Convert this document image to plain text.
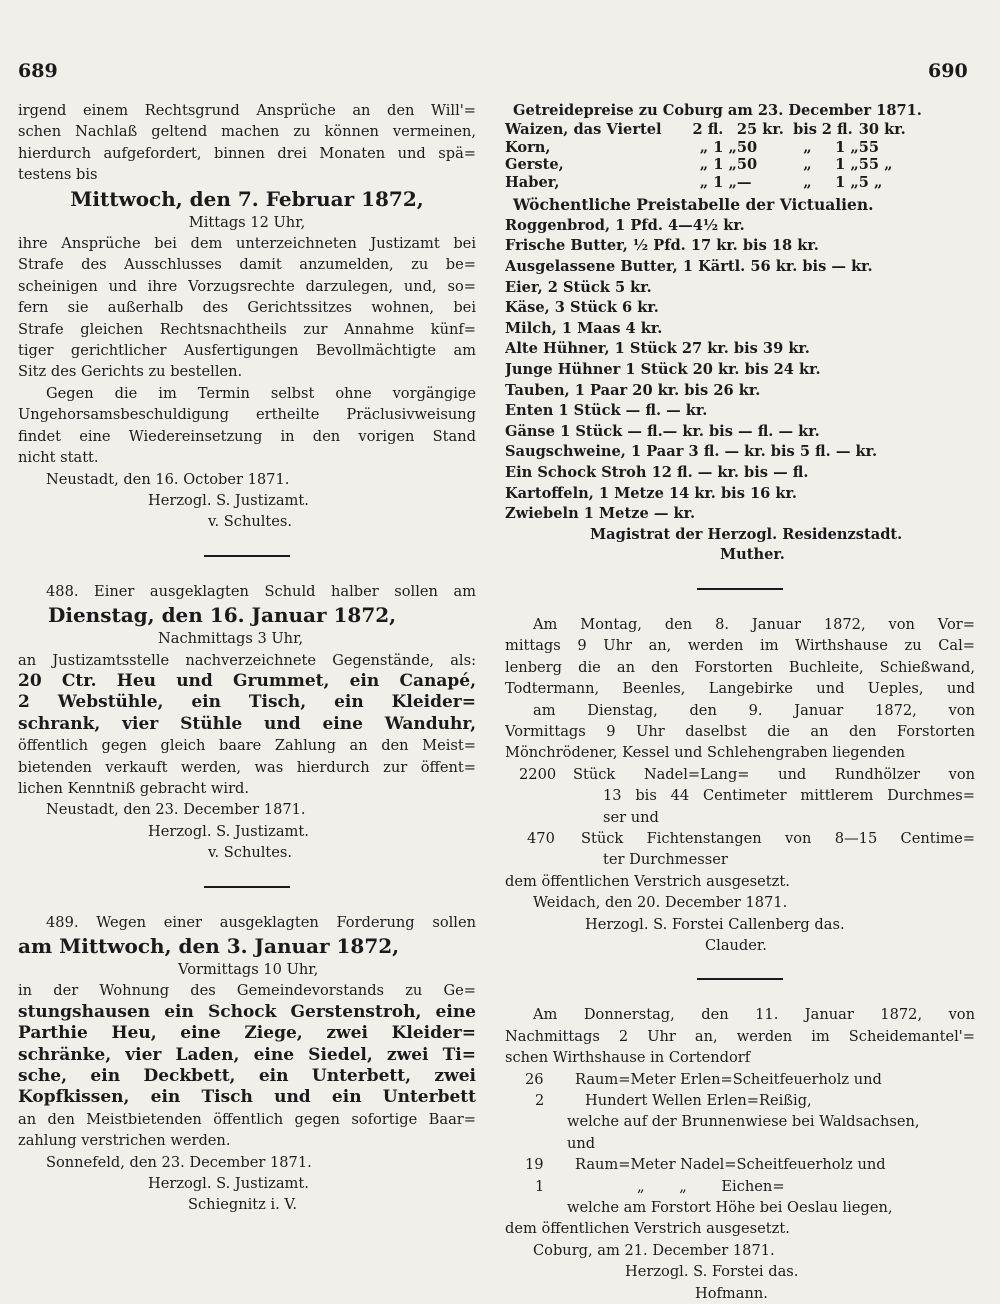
689	690
irgend einem Rechtsgrund Ansprüche an den Will'=
schen Nachlaß geltend machen zu können vermeinen,
hierdurch aufgefordert, binnen drei Monaten und spä=
testens bis
Mittwoch, den 7. Februar 1872,
Mittags 12 Uhr,
ihre Ansprüche bei dem unterzeichneten Justizamt bei
Strafe des Ausschlusses damit anzumelden, zu be=
scheinigen und ihre Vorzugsrechte darzulegen, und, so=
fern sie außerhalb des Gerichtssitzes wohnen, bei
Strafe gleichen Rechtsnachtheils zur Annahme künf=
tiger gerichtlicher Ausfertigungen Bevollmächtigte am
Sitz des Gerichts zu bestellen.
Gegen die im Termin selbst ohne vorgängige
Ungehorsamsbeschuldigung ertheilte Präclusivweisung
findet eine Wiedereinsetzung in den vorigen Stand
nicht statt.
Neustadt, den 16. October 1871.
Herzogl. S. Justizamt.
v. Schultes.
488. Einer ausgeklagten Schuld halber sollen am
Dienstag, den 16. Januar 1872,
Nachmittags 3 Uhr,
an Justizamtsstelle nachverzeichnete Gegenstände, als:
20 Ctr. Heu und Grummet, ein Canapé,
2 Webstühle, ein Tisch, ein Kleider=
schrank, vier Stühle und eine Wanduhr,
öffentlich gegen gleich baare Zahlung an den Meist=
bietenden verkauft werden, was hierdurch zur öffent=
lichen Kenntniß gebracht wird.
Neustadt, den 23. December 1871.
Herzogl. S. Justizamt.
v. Schultes.
489. Wegen einer ausgeklagten Forderung sollen
am Mittwoch, den 3. Januar 1872,
Vormittags 10 Uhr,
in der Wohnung des Gemeindevorstands zu Ge=
stungshausen ein Schock Gerstenstroh, eine
Parthie Heu, eine Ziege, zwei Kleider=
schränke, vier Laden, eine Siedel, zwei Ti=
sche, ein Deckbett, ein Unterbett, zwei
Kopfkissen, ein Tisch und ein Unterbett
an den Meistbietenden öffentlich gegen sofortige Baar=
zahlung verstrichen werden.
Sonnefeld, den 23. December 1871.
Herzogl. S. Justizamt.
Schiegnitz i. V.
Getreidepreise zu Coburg am 23. December 1871.
Waizen, das Viertel	2 fl.	25 kr.	bis	2 fl.	30 kr.
Korn,	„ 1 „	50	„	1 „	55
Gerste,	„ 1 „	50	„	1 „	55 „
Haber,	„ 1 „	—	„	1 „	5 „
Wöchentliche Preistabelle der Victualien.
Roggenbrod, 1 Pfd. 4—4½ kr.
Frische Butter, ½ Pfd. 17 kr. bis 18 kr.
Ausgelassene Butter, 1 Kärtl. 56 kr. bis — kr.
Eier, 2 Stück 5 kr.
Käse, 3 Stück 6 kr.
Milch, 1 Maas 4 kr.
Alte Hühner, 1 Stück 27 kr. bis 39 kr.
Junge Hühner 1 Stück 20 kr. bis 24 kr.
Tauben, 1 Paar 20 kr. bis 26 kr.
Enten 1 Stück — fl. — kr.
Gänse 1 Stück — fl.— kr. bis — fl. — kr.
Saugschweine, 1 Paar 3 fl. — kr. bis 5 fl. — kr.
Ein Schock Stroh 12 fl. — kr. bis — fl.
Kartoffeln, 1 Metze 14 kr. bis 16 kr.
Zwiebeln 1 Metze — kr.
Magistrat der Herzogl. Residenzstadt.
Muther.
Am Montag, den 8. Januar 1872, von Vor=
mittags 9 Uhr an, werden im Wirthshause zu Cal=
lenberg die an den Forstorten Buchleite, Schießwand,
Todtermann, Beenles, Langebirke und Ueples, und
am Dienstag, den 9. Januar 1872, von
Vormittags 9 Uhr daselbst die an den Forstorten
Mönchrödener, Kessel und Schlehengraben liegenden
2200	Stück Nadel=Lang= und Rundhölzer von
13 bis 44 Centimeter mittlerem Durchmes=
ser und
470	Stück Fichtenstangen von 8—15 Centime=
ter Durchmesser
dem öffentlichen Verstrich ausgesetzt.
Weidach, den 20. December 1871.
Herzogl. S. Forstei Callenberg das.
Clauder.
Am Donnerstag, den 11. Januar 1872, von
Nachmittags 2 Uhr an, werden im Scheidemantel'=
schen Wirthshause in Cortendorf
26	Raum=Meter Erlen=Scheitfeuerholz und
2	Hundert Wellen Erlen=Reißig,
welche auf der Brunnenwiese bei Waldsachsen,
und
19	Raum=Meter Nadel=Scheitfeuerholz und
1	„ „ Eichen=
welche am Forstort Höhe bei Oeslau liegen,
dem öffentlichen Verstrich ausgesetzt.
Coburg, am 21. December 1871.
Herzogl. S. Forstei das.
Hofmann.
